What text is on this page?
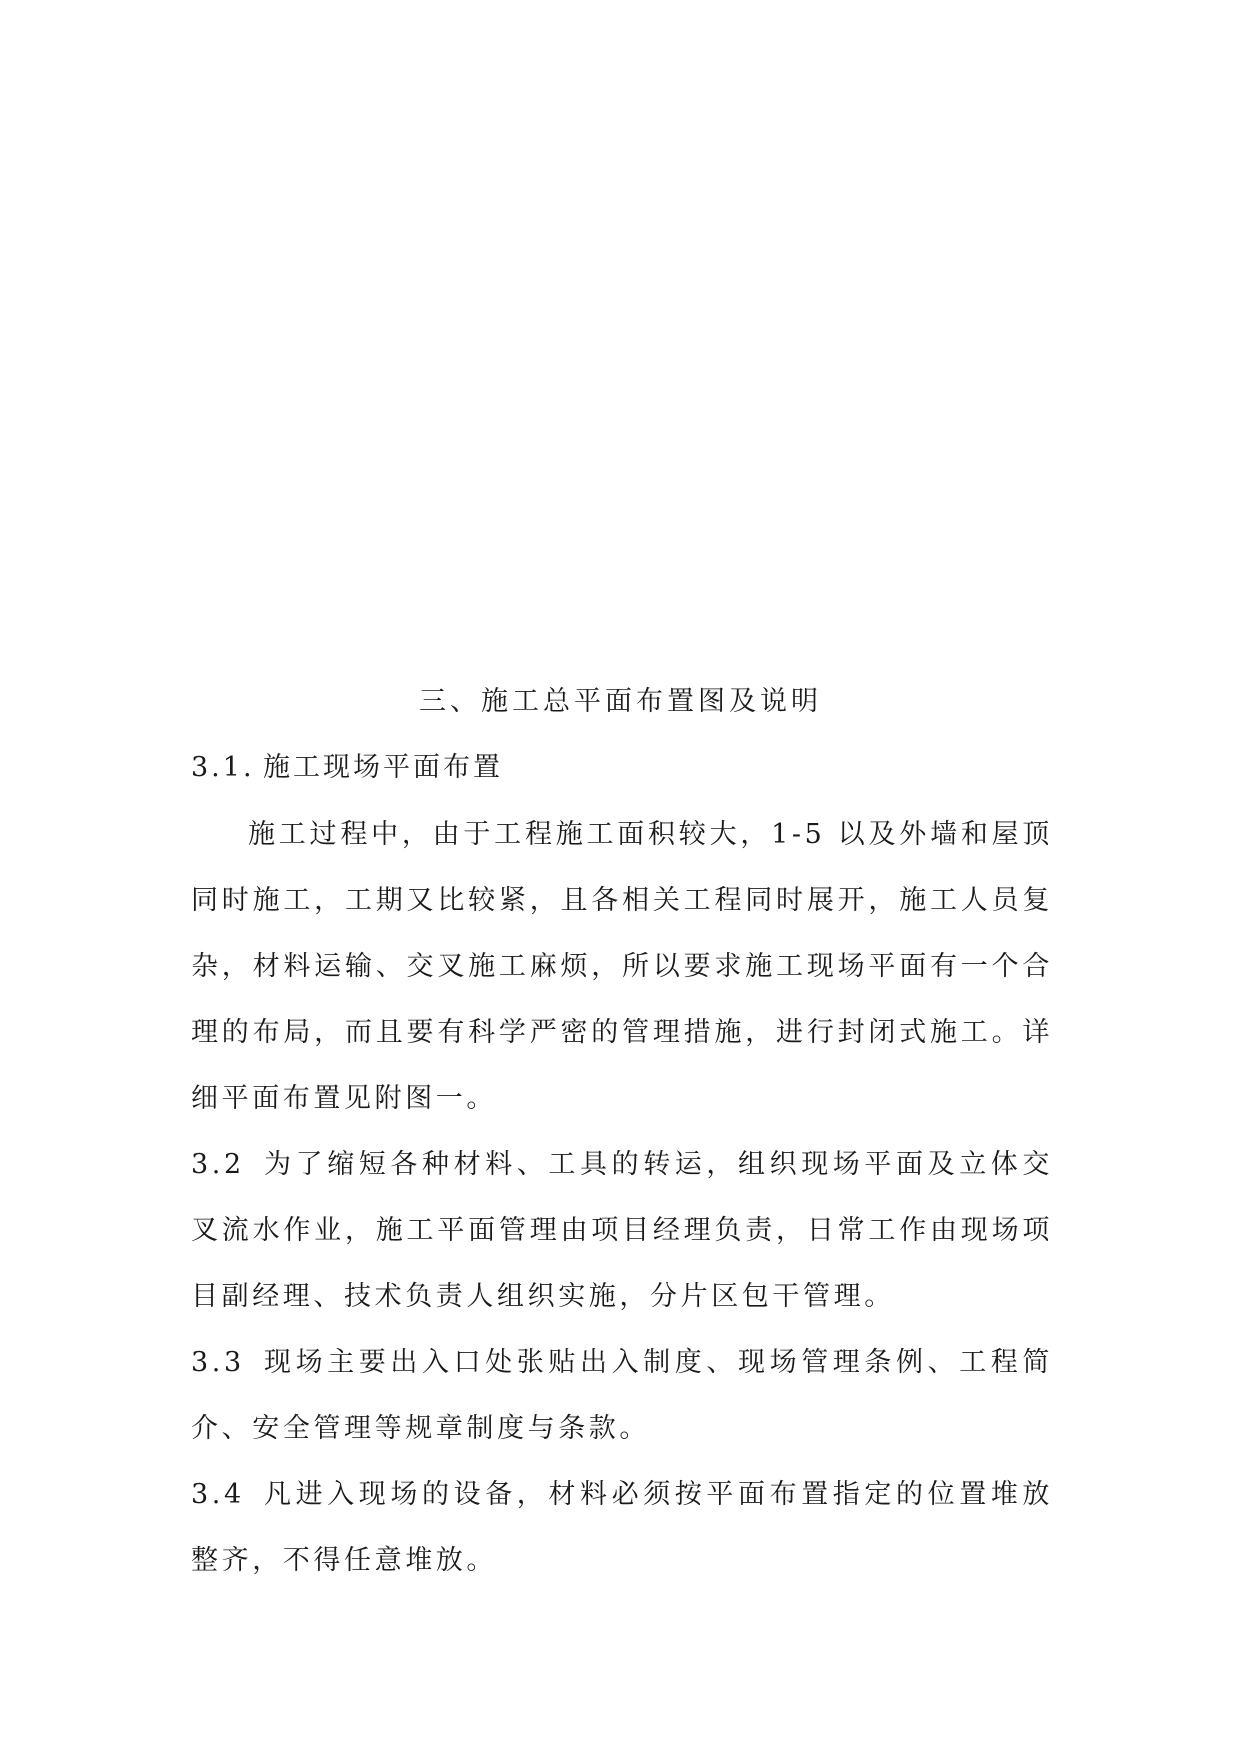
三、施工总平面布置图及说明
3.1. 施工现场平面布置

施工过程中，由于工程施工面积较大，1-5 以及外墙和屋顶同时施工，工期又比较紧，且各相关工程同时展开，施工人员复杂，材料运输、交叉施工麻烦，所以要求施工现场平面有一个合理的布局，而且要有科学严密的管理措施，进行封闭式施工。详细平面布置见附图一。

3.2 为了缩短各种材料、工具的转运，组织现场平面及立体交叉流水作业，施工平面管理由项目经理负责，日常工作由现场项目副经理、技术负责人组织实施，分片区包干管理。

3.3 现场主要出入口处张贴出入制度、现场管理条例、工程简介、安全管理等规章制度与条款。

3.4 凡进入现场的设备，材料必须按平面布置指定的位置堆放整齐，不得任意堆放。
